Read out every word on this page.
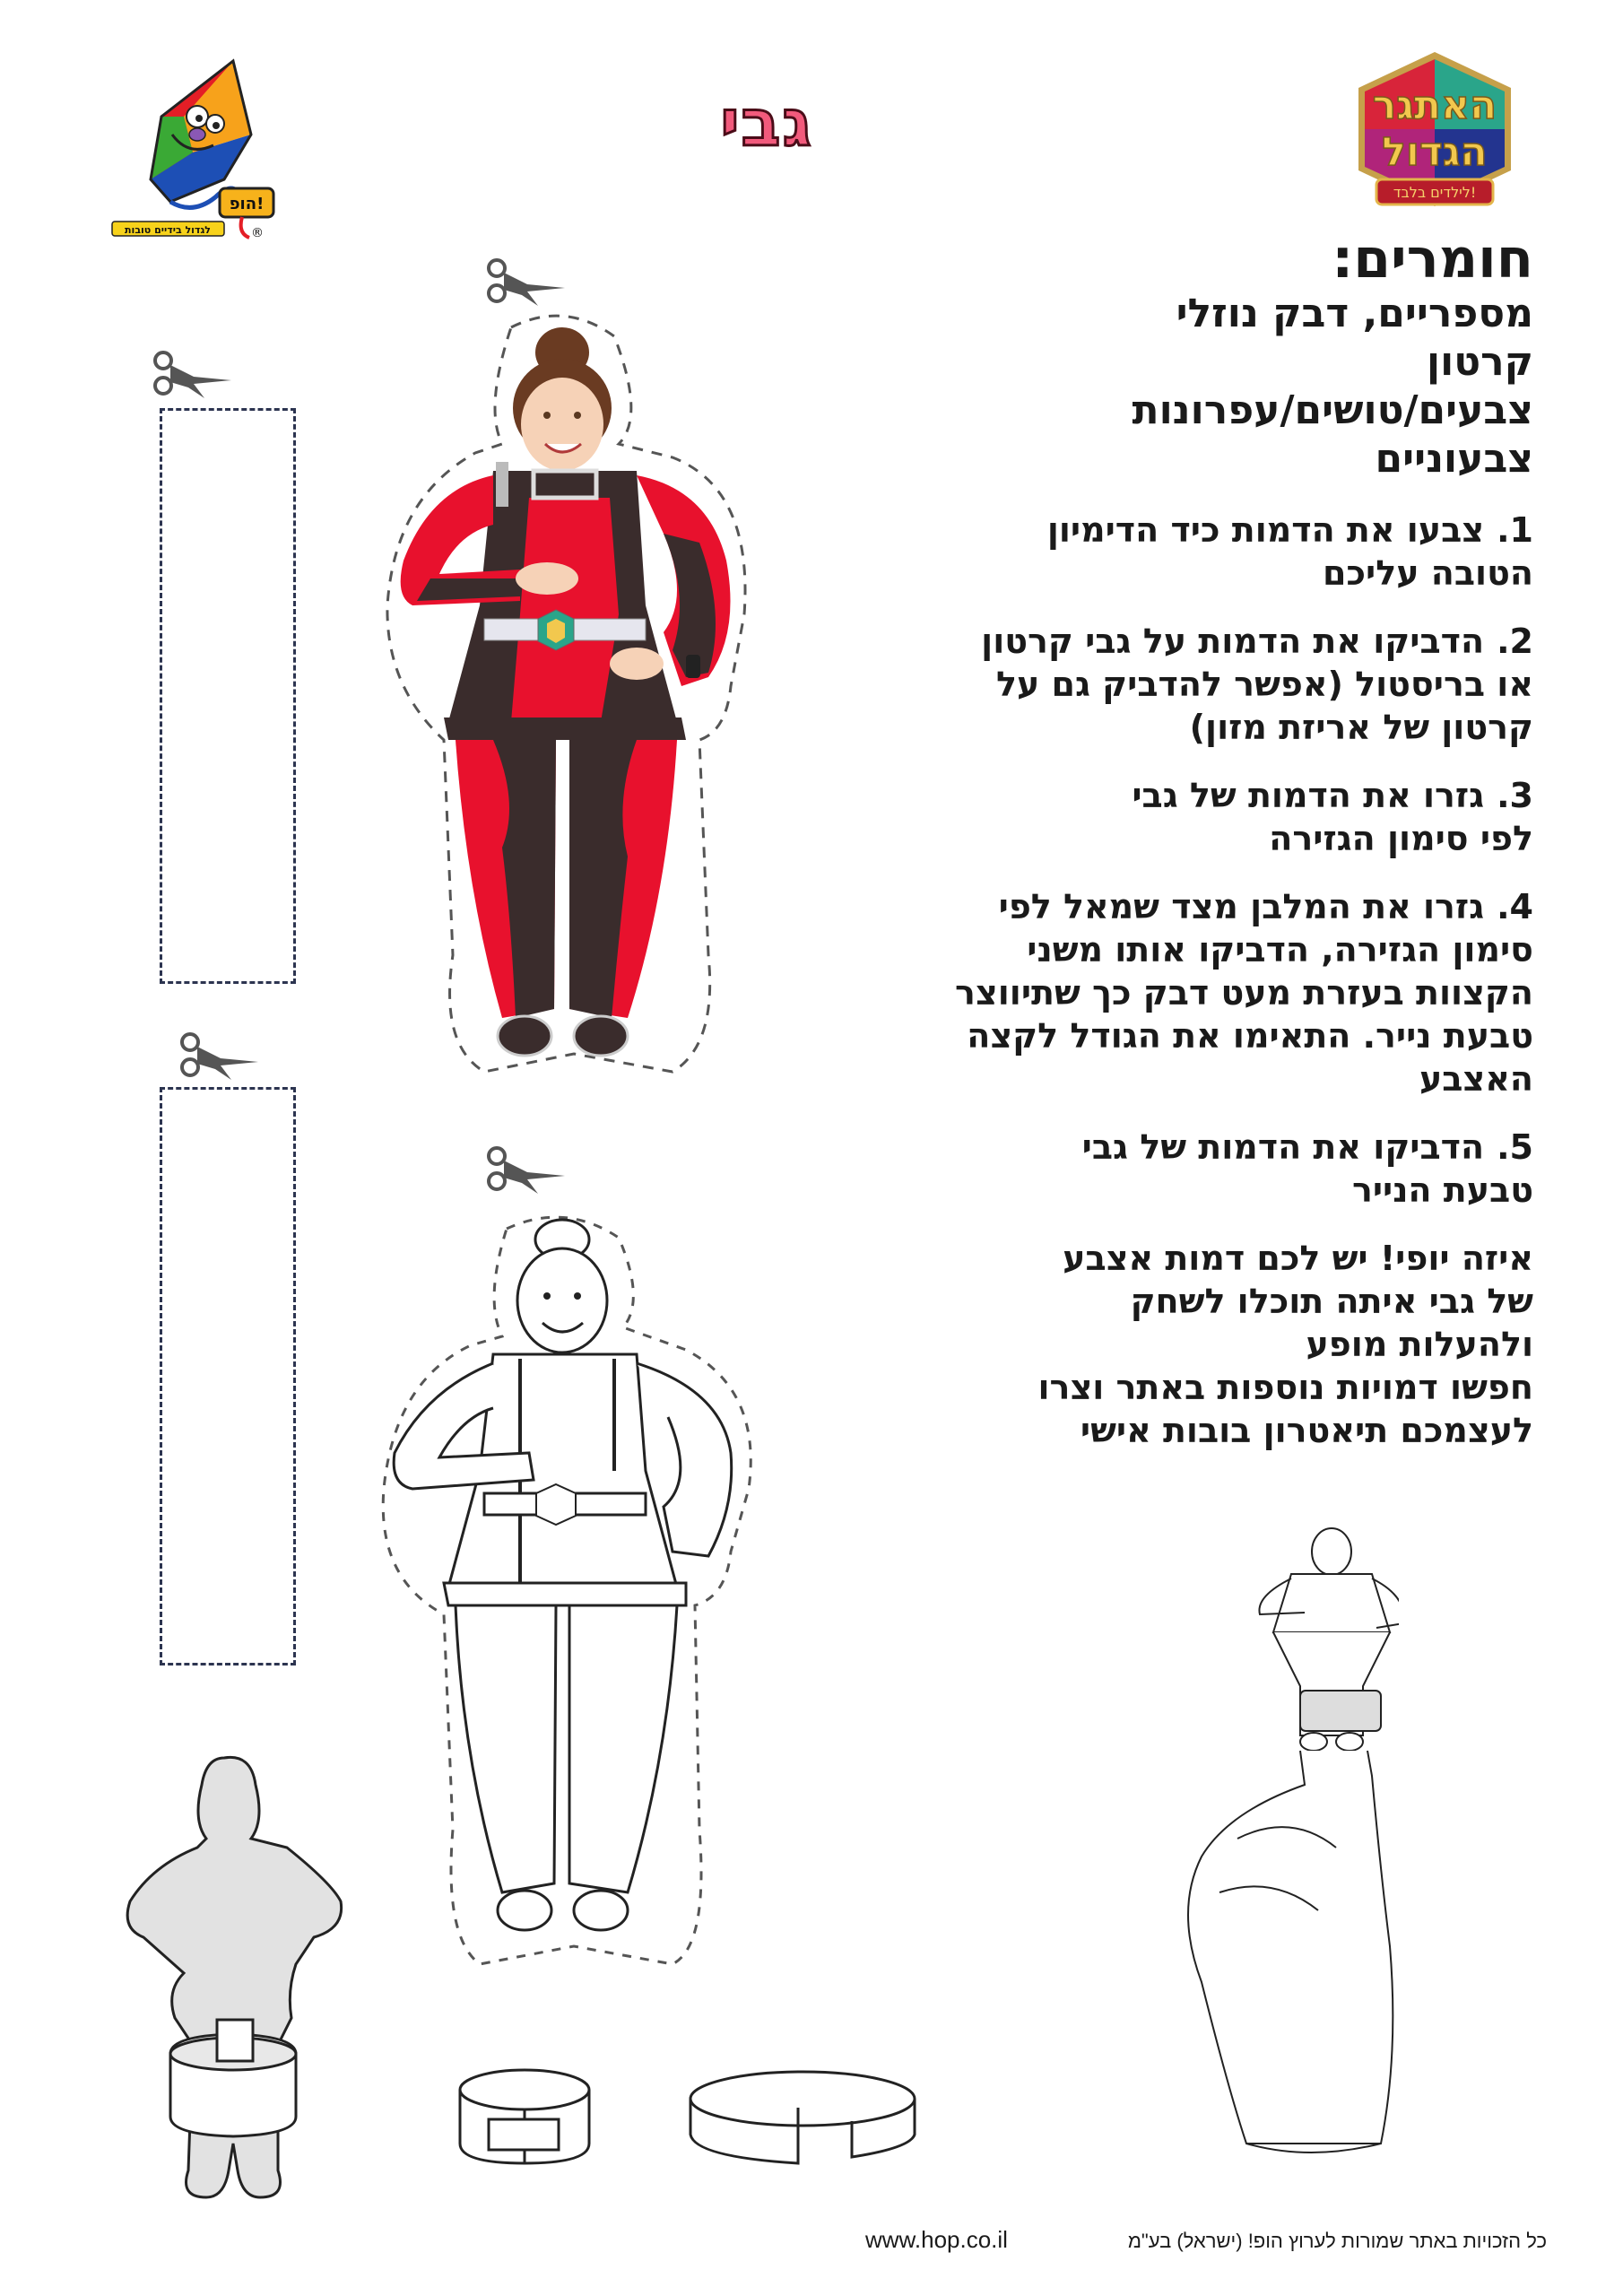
הופ!
לגדול בידיים טובות	®
גבי	האתגר
הגדול
לילדים בלבד!
חומרים:
מספריים, דבק נוזלי
קרטון
צבעים/טושים/עפרונות
צבעוניים
1.צבעו את הדמות כיד הדימיון
הטובה עליכם
2.הדביקו את הדמות על גבי קרטון
או בריסטול (אפשר להדביק גם על
קרטון של אריזת מזון)
3.גזרו את הדמות של גבי
לפי סימון הגזירה
4.גזרו את המלבן מצד שמאל לפי
סימון הגזירה, הדביקו אותו משני
הקצוות בעזרת מעט דבק כך שתיווצר
טבעת נייר. התאימו את הגודל לקצה
האצבע
5.הדביקו את הדמות של גבי
טבעת הנייר
איזה יופי! יש לכם דמות אצבע
של גבי איתה תוכלו לשחק
ולהעלות מופע
חפשו דמויות נוספות באתר וצרו
לעצמכם תיאטרון בובות אישי
www.hop.co.il	כל הזכויות באתר שמורות לערוץ הופ! (ישראל) בע"מ
